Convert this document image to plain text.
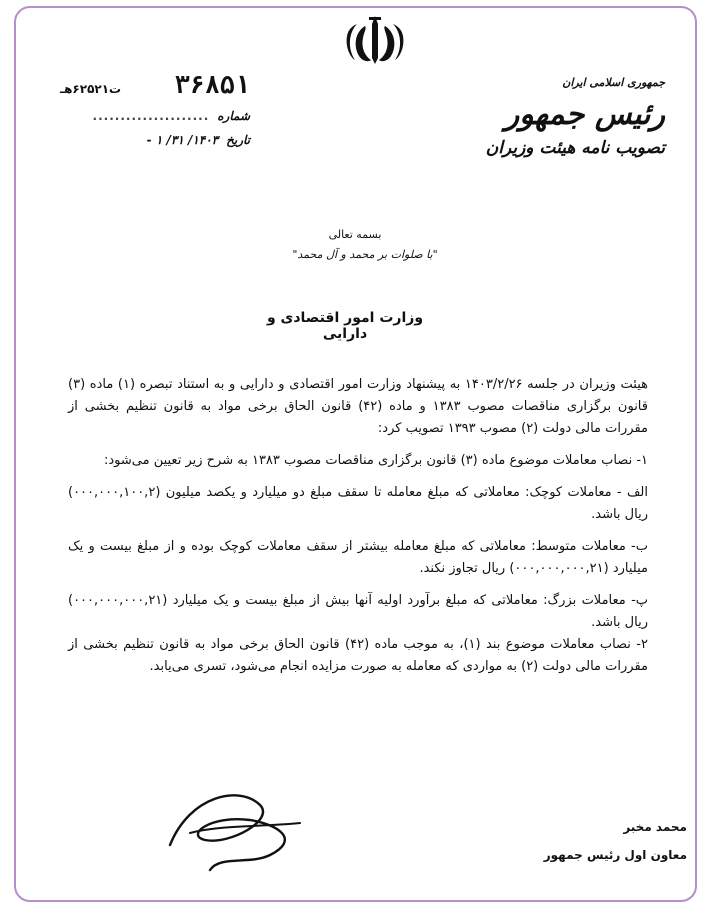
جمهوری اسلامی ایران
رئیس جمهور
تصویب نامه هیئت وزیران
۳۶۸۵۱
ت۶۲۵۲۱هـ
شماره
.....................
تاریخ
۱۴۰۳/ ۳۱/ ۱ -
بسمه تعالی
"با صلوات بر محمد و آل محمد"
وزارت امور اقتصادی و دارایی

هیئت وزیران در جلسه ۱۴۰۳/۲/۲۶ به پیشنهاد وزارت امور اقتصادی و دارایی و به استناد تبصره (۱) ماده (۳) قانون برگزاری مناقصات مصوب ۱۳۸۳ و ماده (۴۲) قانون الحاق برخی مواد به قانون تنظیم بخشی از مقررات مالی دولت (۲) مصوب ۱۳۹۳ تصویب کرد:

۱- نصاب معاملات موضوع ماده (۳) قانون برگزاری مناقصات مصوب ۱۳۸۳ به شرح زیر تعیین می‌شود:

الف - معاملات کوچک: معاملاتی که مبلغ معامله تا سقف مبلغ دو میلیارد و یکصد میلیون (۰۰۰,۰۰۰,۱۰۰,۲) ریال باشد.

ب- معاملات متوسط: معاملاتی که مبلغ معامله بیشتر از سقف معاملات کوچک بوده و از مبلغ بیست و یک میلیارد (۰۰۰,۰۰۰,۰۰۰,۲۱) ریال تجاوز نکند.

پ- معاملات بزرگ: معاملاتی که مبلغ برآورد اولیه آنها بیش از مبلغ بیست و یک میلیارد (۰۰۰,۰۰۰,۰۰۰,۲۱) ریال باشد.

۲- نصاب معاملات موضوع بند (۱)، به موجب ماده (۴۲) قانون الحاق برخی مواد به قانون تنظیم بخشی از مقررات مالی دولت (۲) به مواردی که معامله به صورت مزایده انجام می‌شود، تسری می‌یابد.

محمد مخبر
معاون اول رئیس جمهور
